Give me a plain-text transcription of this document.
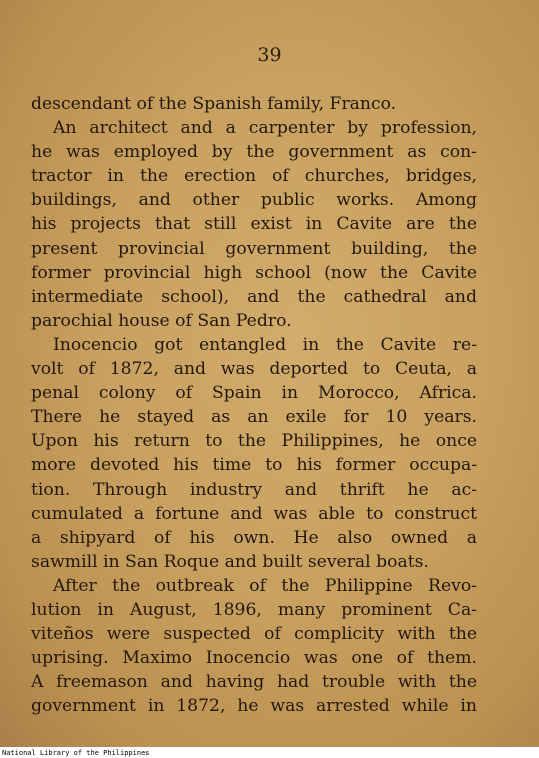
39
descendant of the Spanish family, Franco.
An architect and a carpenter by profession,
he was employed by the government as con-
tractor in the erection of churches, bridges,
buildings, and other public works. Among
his projects that still exist in Cavite are the
present provincial government building, the
former provincial high school (now the Cavite
intermediate school), and the cathedral and
parochial house of San Pedro.
Inocencio got entangled in the Cavite re-
volt of 1872, and was deported to Ceuta, a
penal colony of Spain in Morocco, Africa.
There he stayed as an exile for 10 years.
Upon his return to the Philippines, he once
more devoted his time to his former occupa-
tion. Through industry and thrift he ac-
cumulated a fortune and was able to construct
a shipyard of his own. He also owned a
sawmill in San Roque and built several boats.
After the outbreak of the Philippine Revo-
lution in August, 1896, many prominent Ca-
viteños were suspected of complicity with the
uprising. Maximo Inocencio was one of them.
A freemason and having had trouble with the
government in 1872, he was arrested while in
National Library of the Philippines
